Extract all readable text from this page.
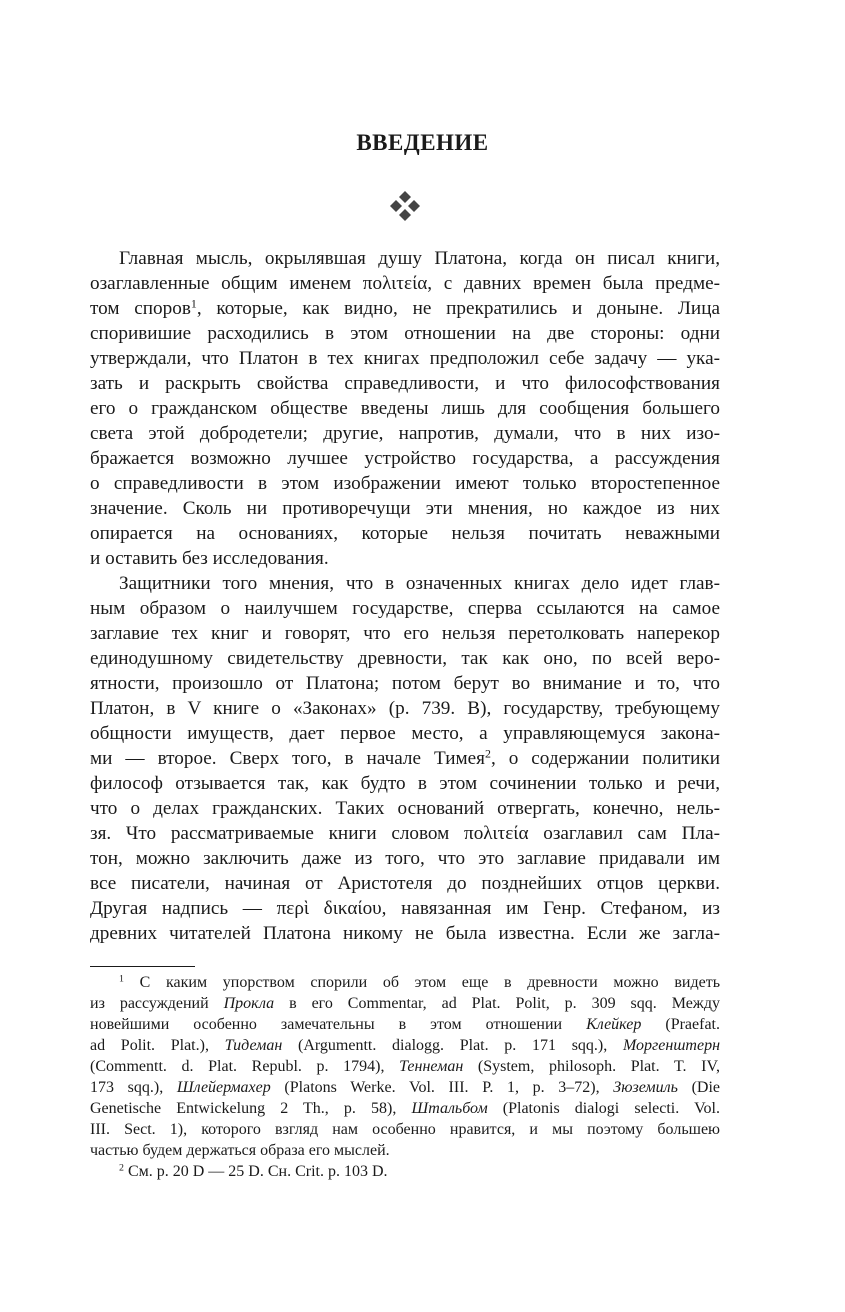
ВВЕДЕНИЕ
Главная мысль, окрылявшая душу Платона, когда он писал книги,
озаглавленные общим именем πολιτεία, с давних времен была предме-
том споров$^1$, которые, как видно, не прекратились и доныне. Лица
споривишие расходились в этом отношении на две стороны: одни
утверждали, что Платон в тех книгах предположил себе задачу — ука-
зать и раскрыть свойства справедливости, и что философствования
его о гражданском обществе введены лишь для сообщения большего
света этой добродетели; другие, напротив, думали, что в них изо-
бражается возможно лучшее устройство государства, а рассуждения
о справедливости в этом изображении имеют только второстепенное
значение. Сколь ни противоречущи эти мнения, но каждое из них
опирается на основаниях, которые нельзя почитать неважными
и оставить без исследования.
Защитники того мнения, что в означенных книгах дело идет глав-
ным образом о наилучшем государстве, сперва ссылаются на самое
заглавие тех книг и говорят, что его нельзя перетолковать наперекор
единодушному свидетельству древности, так как оно, по всей веро-
ятности, произошло от Платона; потом берут во внимание и то, что
Платон, в V книге о «Законах» (p. 739. B), государству, требующему
общности имуществ, дает первое место, а управляющемуся закона-
ми — второе. Сверх того, в начале Тимея$^2$, о содержании политики
философ отзывается так, как будто в этом сочинении только и речи,
что о делах гражданских. Таких оснований отвергать, конечно, нель-
зя. Что рассматриваемые книги словом πολιτεία озаглавил сам Пла-
тон, можно заключить даже из того, что это заглавие придавали им
все писатели, начиная от Аристотеля до позднейших отцов церкви.
Другая надпись — περὶ δικαίου, навязанная им Генр. Стефаном, из
древних читателей Платона никому не была известна. Если же загла-
$^1$ С каким упорством спорили об этом еще в древности можно видеть
из рассуждений Прокла в его Commentar, ad Plat. Polit, p. 309 sqq. Между
новейшими особенно замечательны в этом отношении Клейкер (Praefat.
ad Polit. Plat.), Тидеман (Argumentt. dialogg. Plat. p. 171 sqq.), Моргенштерн
(Commentt. d. Plat. Republ. p. 1794), Теннеман (System, philosoph. Plat. T. IV,
173 sqq.), Шлейермахер (Platons Werke. Vol. III. P. 1, p. 3–72), Зюземиль (Die
Genetische Entwickelung 2 Th., p. 58), Штальбом (Platonis dialogi selecti. Vol.
III. Sect. 1), которого взгляд нам особенно нравится, и мы поэтому большею
частью будем держаться образа его мыслей.
$^2$ См. p. 20 D — 25 D. Сн. Crit. p. 103 D.
